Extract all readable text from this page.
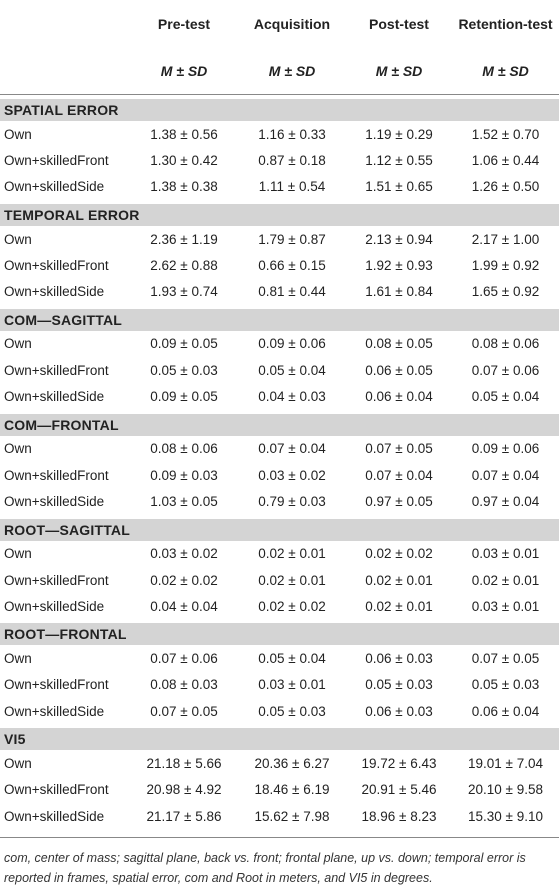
	Pre-test	Acquisition	Post-test	Retention-test
	M ± SD	M ± SD	M ± SD	M ± SD

SPATIAL ERROR				
Own	1.38 ± 0.56	1.16 ± 0.33	1.19 ± 0.29	1.52 ± 0.70
Own+skilledFront	1.30 ± 0.42	0.87 ± 0.18	1.12 ± 0.55	1.06 ± 0.44
Own+skilledSide	1.38 ± 0.38	1.11 ± 0.54	1.51 ± 0.65	1.26 ± 0.50

TEMPORAL ERROR				
Own	2.36 ± 1.19	1.79 ± 0.87	2.13 ± 0.94	2.17 ± 1.00
Own+skilledFront	2.62 ± 0.88	0.66 ± 0.15	1.92 ± 0.93	1.99 ± 0.92
Own+skilledSide	1.93 ± 0.74	0.81 ± 0.44	1.61 ± 0.84	1.65 ± 0.92

COM—SAGITTAL				
Own	0.09 ± 0.05	0.09 ± 0.06	0.08 ± 0.05	0.08 ± 0.06
Own+skilledFront	0.05 ± 0.03	0.05 ± 0.04	0.06 ± 0.05	0.07 ± 0.06
Own+skilledSide	0.09 ± 0.05	0.04 ± 0.03	0.06 ± 0.04	0.05 ± 0.04

COM—FRONTAL				
Own	0.08 ± 0.06	0.07 ± 0.04	0.07 ± 0.05	0.09 ± 0.06
Own+skilledFront	0.09 ± 0.03	0.03 ± 0.02	0.07 ± 0.04	0.07 ± 0.04
Own+skilledSide	1.03 ± 0.05	0.79 ± 0.03	0.97 ± 0.05	0.97 ± 0.04

ROOT—SAGITTAL				
Own	0.03 ± 0.02	0.02 ± 0.01	0.02 ± 0.02	0.03 ± 0.01
Own+skilledFront	0.02 ± 0.02	0.02 ± 0.01	0.02 ± 0.01	0.02 ± 0.01
Own+skilledSide	0.04 ± 0.04	0.02 ± 0.02	0.02 ± 0.01	0.03 ± 0.01

ROOT—FRONTAL				
Own	0.07 ± 0.06	0.05 ± 0.04	0.06 ± 0.03	0.07 ± 0.05
Own+skilledFront	0.08 ± 0.03	0.03 ± 0.01	0.05 ± 0.03	0.05 ± 0.03
Own+skilledSide	0.07 ± 0.05	0.05 ± 0.03	0.06 ± 0.03	0.06 ± 0.04

VI5				
Own	21.18 ± 5.66	20.36 ± 6.27	19.72 ± 6.43	19.01 ± 7.04
Own+skilledFront	20.98 ± 4.92	18.46 ± 6.19	20.91 ± 5.46	20.10 ± 9.58
Own+skilledSide	21.17 ± 5.86	15.62 ± 7.98	18.96 ± 8.23	15.30 ± 9.10
com, center of mass; sagittal plane, back vs. front; frontal plane, up vs. down; temporal error is reported in frames, spatial error, com and Root in meters, and VI5 in degrees.
